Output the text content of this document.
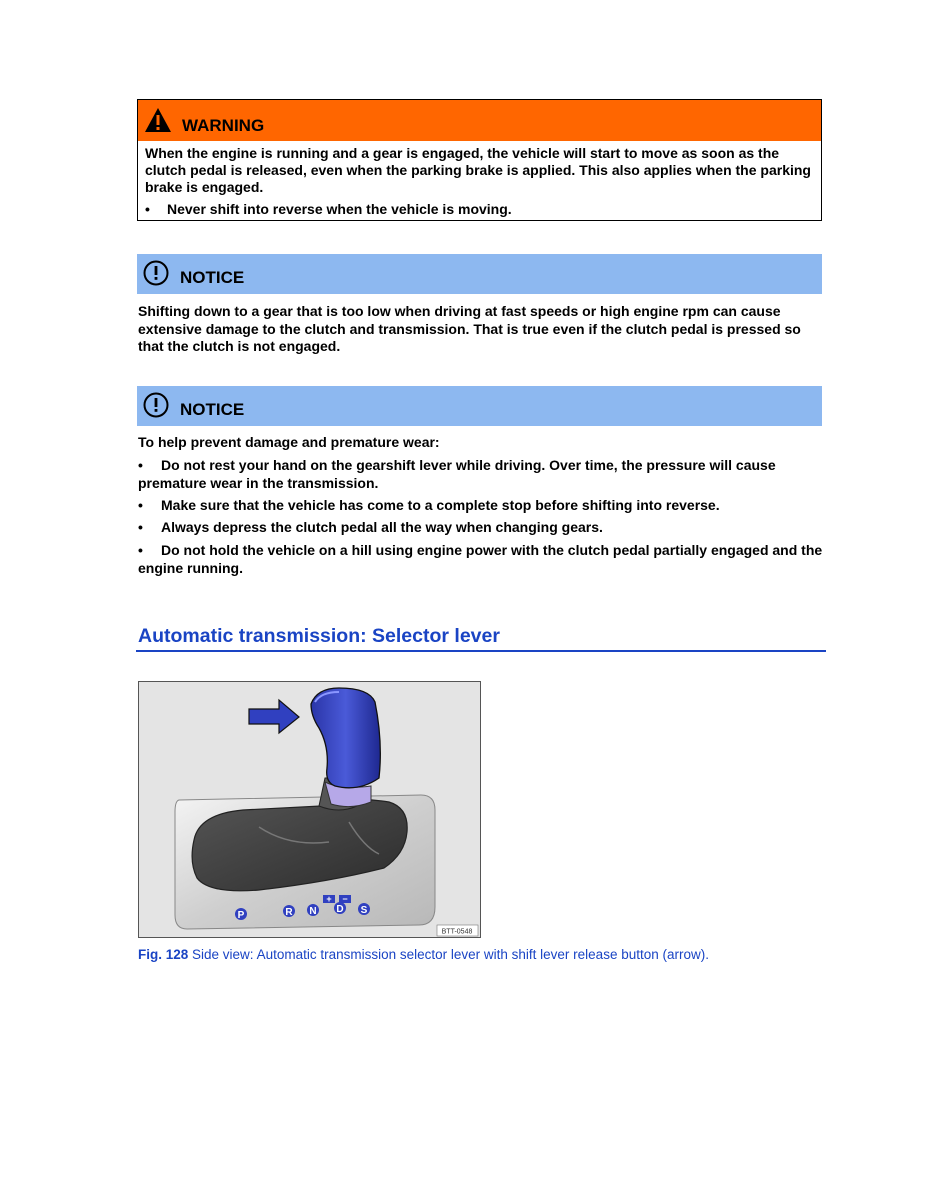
WARNING
When the engine is running and a gear is engaged, the vehicle will start to move as soon as the clutch pedal is released, even when the parking brake is applied. This also applies when the parking brake is engaged.
• Never shift into reverse when the vehicle is moving.
NOTICE
Shifting down to a gear that is too low when driving at fast speeds or high engine rpm can cause extensive damage to the clutch and transmission. That is true even if the clutch pedal is pressed so that the clutch is not engaged.
NOTICE
To help prevent damage and premature wear:
• Do not rest your hand on the gearshift lever while driving. Over time, the pressure will cause premature wear in the transmission.
• Make sure that the vehicle has come to a complete stop before shifting into reverse.
• Always depress the clutch pedal all the way when changing gears.
• Do not hold the vehicle on a hill using engine power with the clutch pedal partially engaged and the engine running.
Automatic transmission: Selector lever
P	R N D S
+ −
BTT-0548
Fig. 128 Side view: Automatic transmission selector lever with shift lever release button (arrow).
